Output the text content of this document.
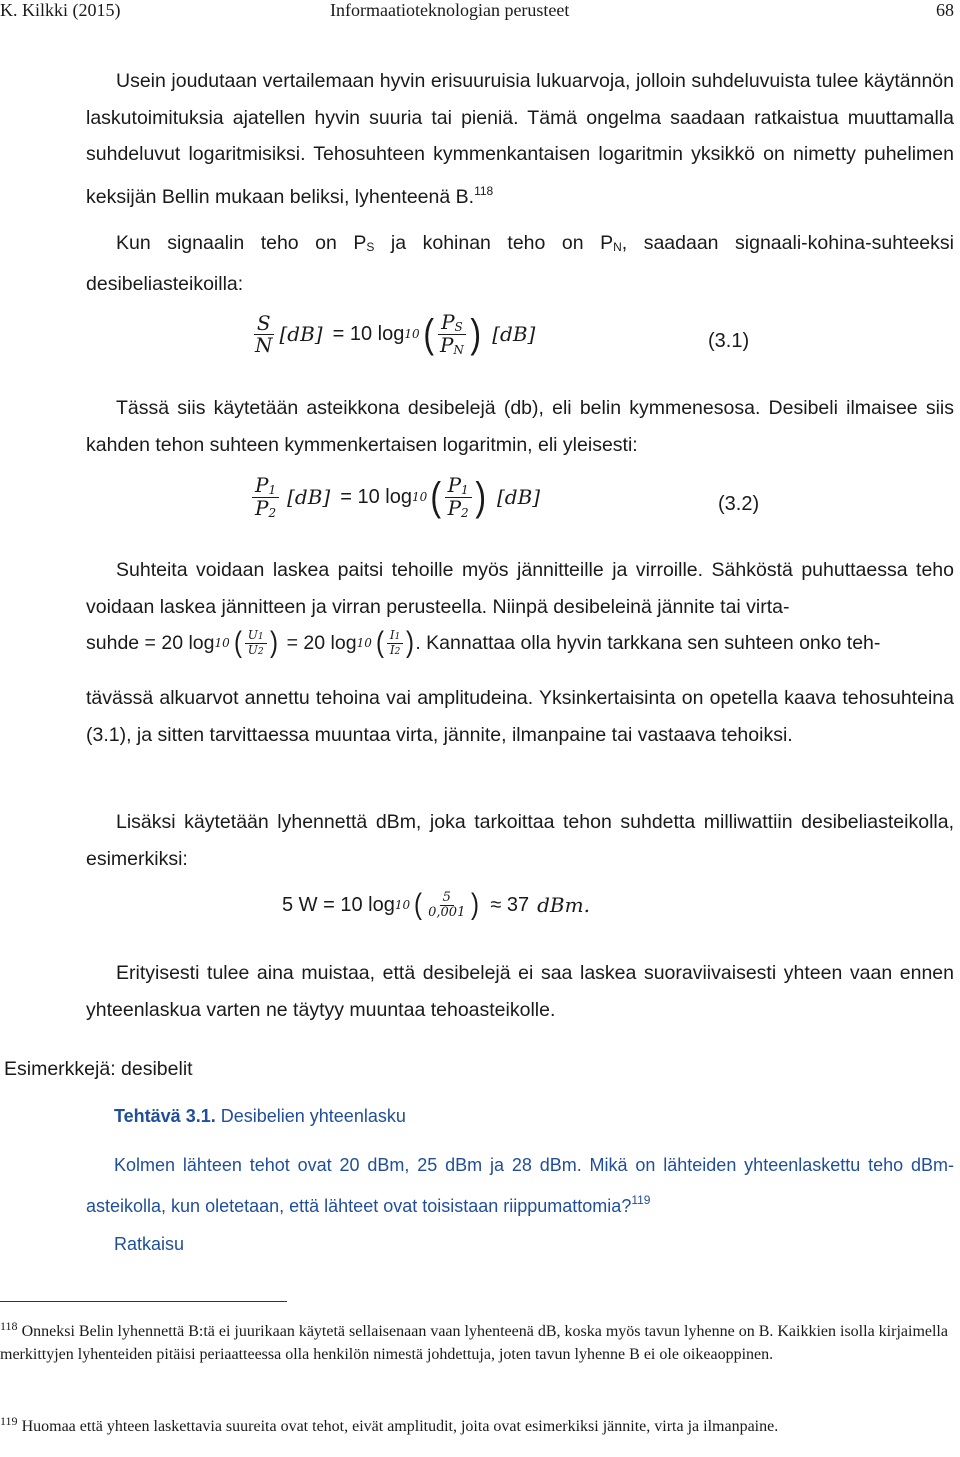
K. Kilkki (2015)	Informaatioteknologian perusteet	68
Usein joudutaan vertailemaan hyvin erisuuruisia lukuarvoja, jolloin suhdeluvuista tulee käytännön laskutoimituksia ajatellen hyvin suuria tai pieniä. Tämä ongelma saadaan ratkaistua muuttamalla suhdeluvut logaritmisiksi. Tehosuhteen kymmenkantaisen logaritmin yksikkö on nimetty puhelimen keksijän Bellin mukaan beliksi, lyhenteenä B.$^{118}$
Kun signaalin teho on PS ja kohinan teho on PN, saadaan signaali-kohina-suhteeksi desibeliasteikoilla:
$\frac{S}{N} [dB] = 10$ log 10 ( $\frac{PS}{PN}$ ) [dB]	(3.1)
Tässä siis käytetään asteikkona desibelejä (db), eli belin kymmenesosa. Desibeli ilmaisee siis kahden tehon suhteen kymmenkertaisen logaritmin, eli yleisesti:
$\frac{P1}{P2} [dB] = 10$ log 10 ( $\frac{P1}{P2}$ ) [dB]	(3.2)
Suhteita voidaan laskea paitsi tehoille myös jännitteille ja virroille. Sähköstä puhuttaessa teho voidaan laskea jännitteen ja virran perusteella. Niinpä desibeleinä jännite tai virta-
suhde = 20 log 10 ( $\frac{U1}{U2}$ ) = 20 log 10 ( $\frac{I1}{I2}$ ) . Kannattaa olla hyvin tarkkana sen suhteen onko teh-
tävässä alkuarvot annettu tehoina vai amplitudeina. Yksinkertaisinta on opetella kaava tehosuhteina (3.1), ja sitten tarvittaessa muuntaa virta, jännite, ilmanpaine tai vastaava tehoiksi.
Lisäksi käytetään lyhennettä dBm, joka tarkoittaa tehon suhdetta milliwattiin desibeliasteikolla, esimerkiksi:
5 W = 10 log 10 ( $\frac{5}{0,001}$ ) ≈ 37 dBm.
Erityisesti tulee aina muistaa, että desibelejä ei saa laskea suoraviivaisesti yhteen vaan ennen yhteenlaskua varten ne täytyy muuntaa tehoasteikolle.
Esimerkkejä: desibelit
Tehtävä 3.1. Desibelien yhteenlasku
Kolmen lähteen tehot ovat 20 dBm, 25 dBm ja 28 dBm. Mikä on lähteiden yhteenlaskettu teho dBm-asteikolla, kun oletetaan, että lähteet ovat toisistaan riippumattomia?$^{119}$
Ratkaisu
$^{118}$ Onneksi Belin lyhennettä B:tä ei juurikaan käytetä sellaisenaan vaan lyhenteenä dB, koska myös tavun lyhenne on B. Kaikkien isolla kirjaimella merkittyjen lyhenteiden pitäisi periaatteessa olla henkilön nimestä johdettuja, joten tavun lyhenne B ei ole oikeaoppinen.
$^{119}$ Huomaa että yhteen laskettavia suureita ovat tehot, eivät amplitudit, joita ovat esimerkiksi jännite, virta ja ilmanpaine.
